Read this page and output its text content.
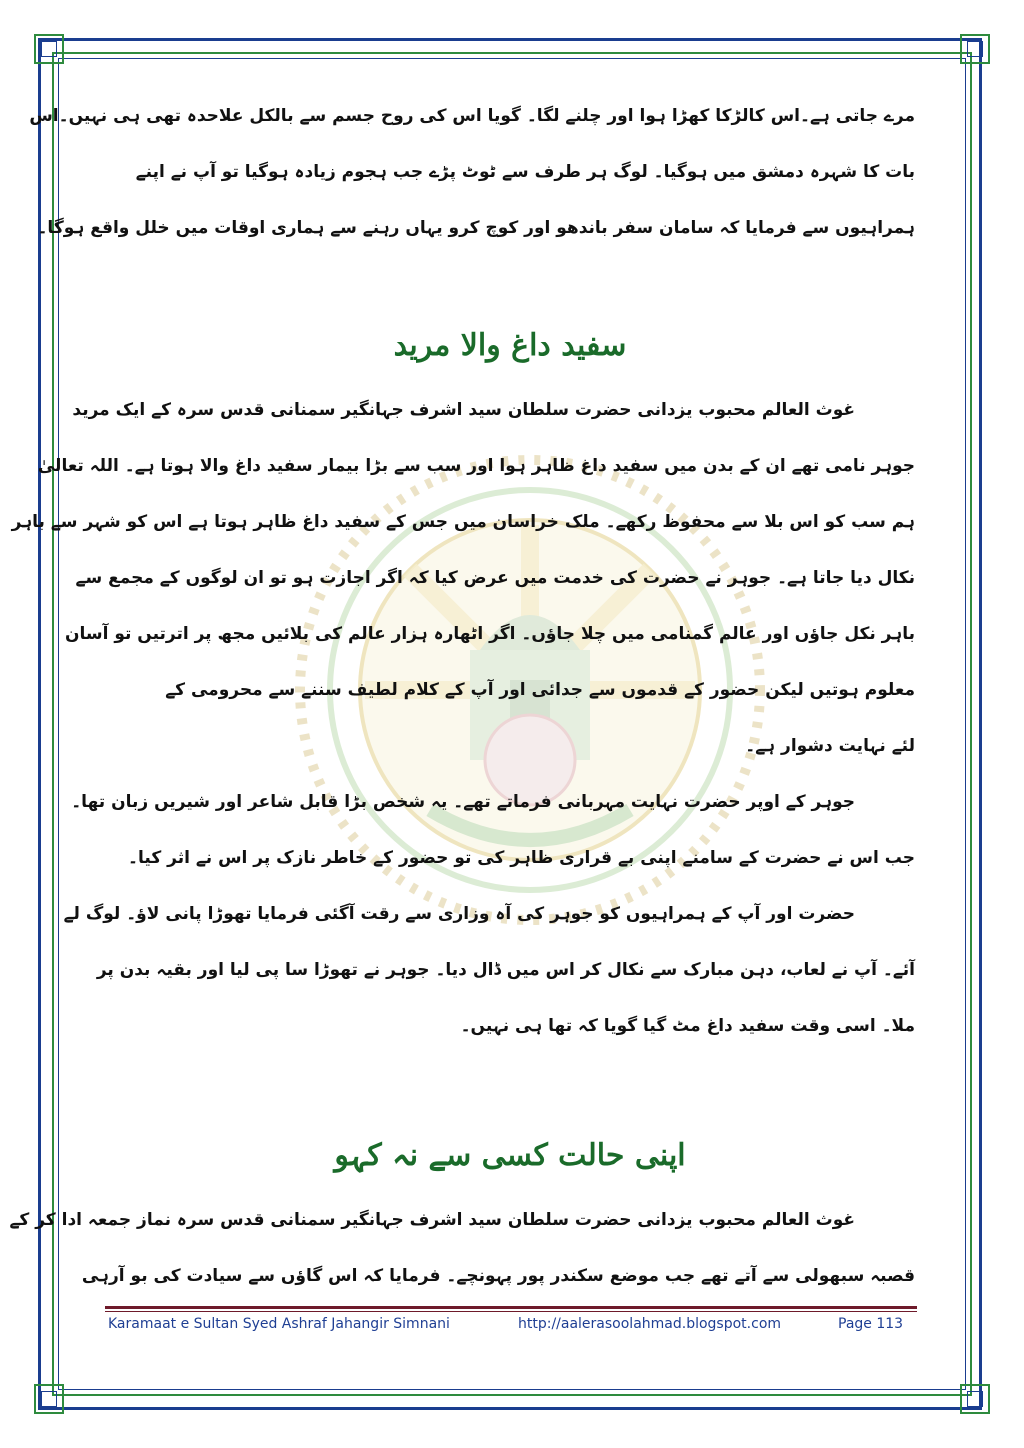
مرے جاتی ہے۔اس کالڑکا کھڑا ہوا اور چلنے لگا۔ گویا اس کی روح جسم سے بالکل علاحدہ تھی ہی نہیں۔اس
بات کا شہرہ دمشق میں ہوگیا۔ لوگ ہر طرف سے ٹوٹ پڑے جب ہجوم زیادہ ہوگیا تو آپ نے اپنے
ہمراہیوں سے فرمایا کہ سامان سفر باندھو اور کوچ کرو یہاں رہنے سے ہماری اوقات میں خلل واقع ہوگا۔
سفید داغ والا مرید
غوث العالم محبوب یزدانی حضرت سلطان سید اشرف جہانگیر سمنانی قدس سرہ کے ایک مرید
جوہر نامی تھے ان کے بدن میں سفید داغ ظاہر ہوا اور سب سے بڑا بیمار سفید داغ والا ہوتا ہے۔ اللہ تعالیٰ
ہم سب کو اس بلا سے محفوظ رکھے۔ ملک خراسان میں جس کے سفید داغ ظاہر ہوتا ہے اس کو شہر سے باہر
نکال دیا جاتا ہے۔ جوہر نے حضرت کی خدمت میں عرض کیا کہ اگر اجازت ہو تو ان لوگوں کے مجمع سے
باہر نکل جاؤں اور عالم گمنامی میں چلا جاؤں۔ اگر اٹھارہ ہزار عالم کی بلائیں مجھ پر اترتیں تو آسان
معلوم ہوتیں لیکن حضور کے قدموں سے جدائی اور آپ کے کلام لطیف سننے سے محرومی کے
لئے نہایت دشوار ہے۔
جوہر کے اوپر حضرت نہایت مہربانی فرماتے تھے۔ یہ شخص بڑا قابل شاعر اور شیریں زبان تھا۔
جب اس نے حضرت کے سامنے اپنی بے قراری ظاہر کی تو حضور کے خاطر نازک پر اس نے اثر کیا۔
حضرت اور آپ کے ہمراہیوں کو جوہر کی آہ وزاری سے رقت آگئی فرمایا تھوڑا پانی لاؤ۔ لوگ لے
آئے۔ آپ نے لعاب، دہن مبارک سے نکال کر اس میں ڈال دیا۔ جوہر نے تھوڑا سا پی لیا اور بقیہ بدن پر
ملا۔ اسی وقت سفید داغ مٹ گیا گویا کہ تھا ہی نہیں۔
اپنی حالت کسی سے نہ کہو
غوث العالم محبوب یزدانی حضرت سلطان سید اشرف جہانگیر سمنانی قدس سرہ نماز جمعہ ادا کر کے
قصبہ سبھولی سے آتے تھے جب موضع سکندر پور پہونچے۔ فرمایا کہ اس گاؤں سے سیادت کی بو آرہی
Karamaat e Sultan Syed Ashraf Jahangir Simnani	http://aalerasoolahmad.blogspot.com	Page 113
